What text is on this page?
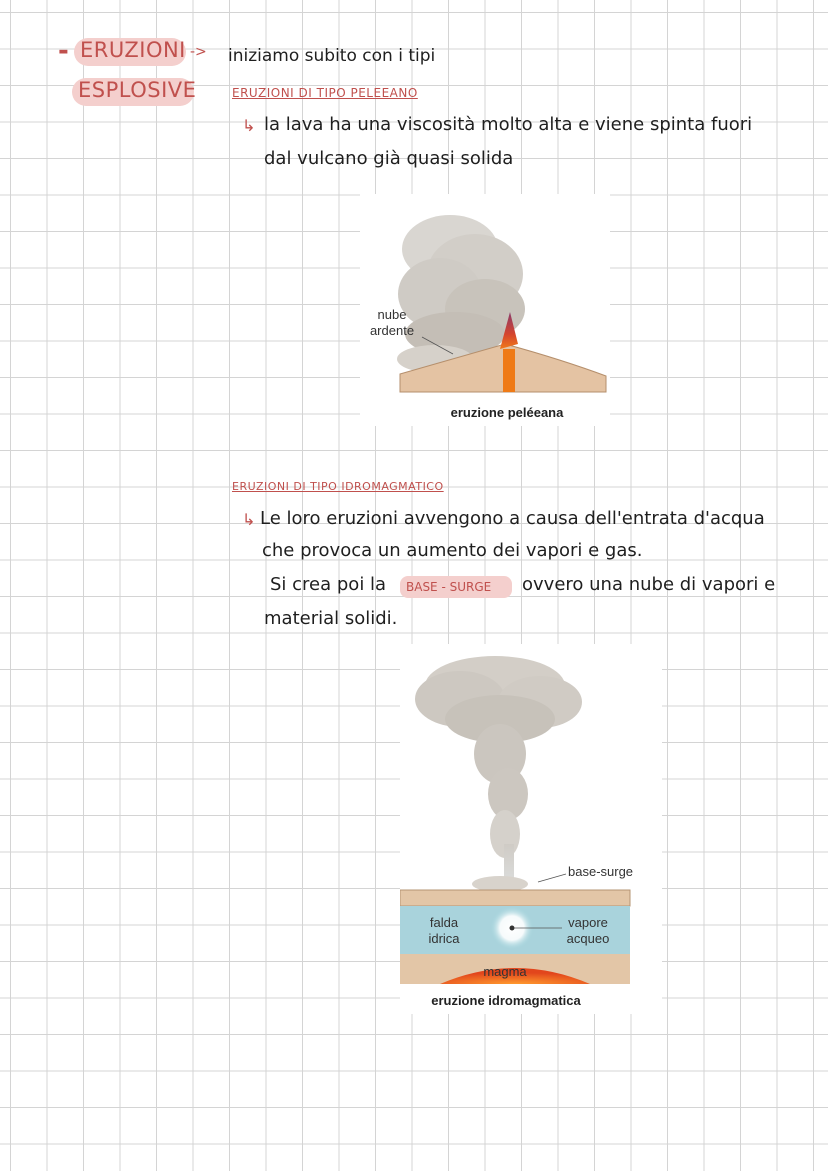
- ERUZIONI
ESPLOSIVE
-> iniziamo subito con i tipi
ERUZIONI DI TIPO PELEEANO
↳ la lava ha una viscosità molto alta e viene spinta fuori
dal vulcano già quasi solida
nube
ardente
eruzione peléeana
ERUZIONI DI TIPO IDROMAGMATICO
↳ Le loro eruzioni avvengono a causa dell'entrata d'acqua
che provoca un aumento dei vapori e gas.
Si crea poi la BASE - SURGE ovvero una nube di vapori e
material solidi.
base-surge
falda
idrica
vapore
acqueo
magma
eruzione idromagmatica
